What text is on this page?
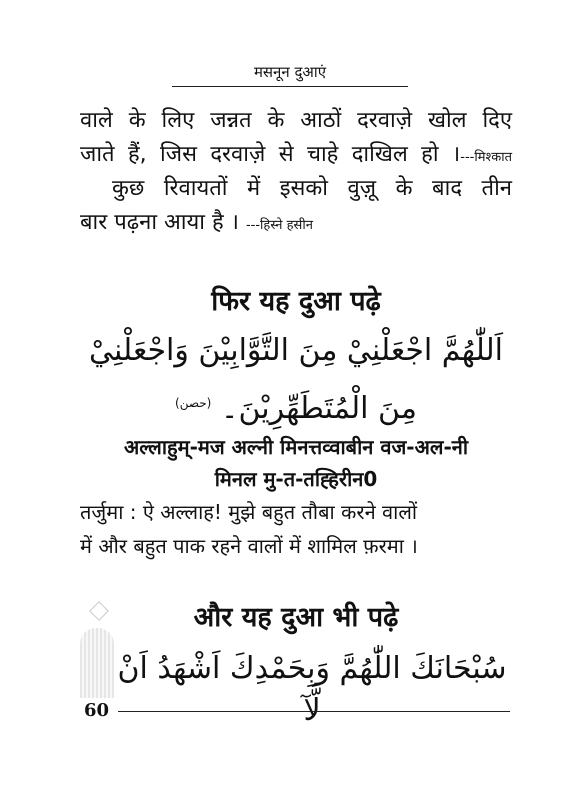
मसनून दुआएं
वाले के लिए जन्नत के आठों दरवाज़े खोल दिए
जाते हैं, जिस दरवाज़े से चाहे दाखिल हो ।---मिश्कात
कुछ रिवायतों में इसको वुज़ू के बाद तीन
बार पढ़ना आया है । ---हिस्ने हसीन
फिर यह दुआ पढ़े
اَللّٰهُمَّ اجْعَلْنِيْ مِنَ التَّوَّابِيْنَ وَاجْعَلْنِيْ
مِنَ الْمُتَطَهِّرِيْنَ۔ $^{(حصن)}$
अल्लाहुम्-मज अल्नी मिनत्तव्वाबीन वज-अल-नी
मिनल मु-त-तह्हिरीन0
तर्जुमा : ऐ अल्लाह! मुझे बहुत तौबा करने वालों
में और बहुत पाक रहने वालों में शामिल फ़रमा ।
और यह दुआ भी पढ़े
سُبْحَانَكَ اللّٰهُمَّ وَبِحَمْدِكَ اَشْهَدُ اَنْ لَّآ
60
